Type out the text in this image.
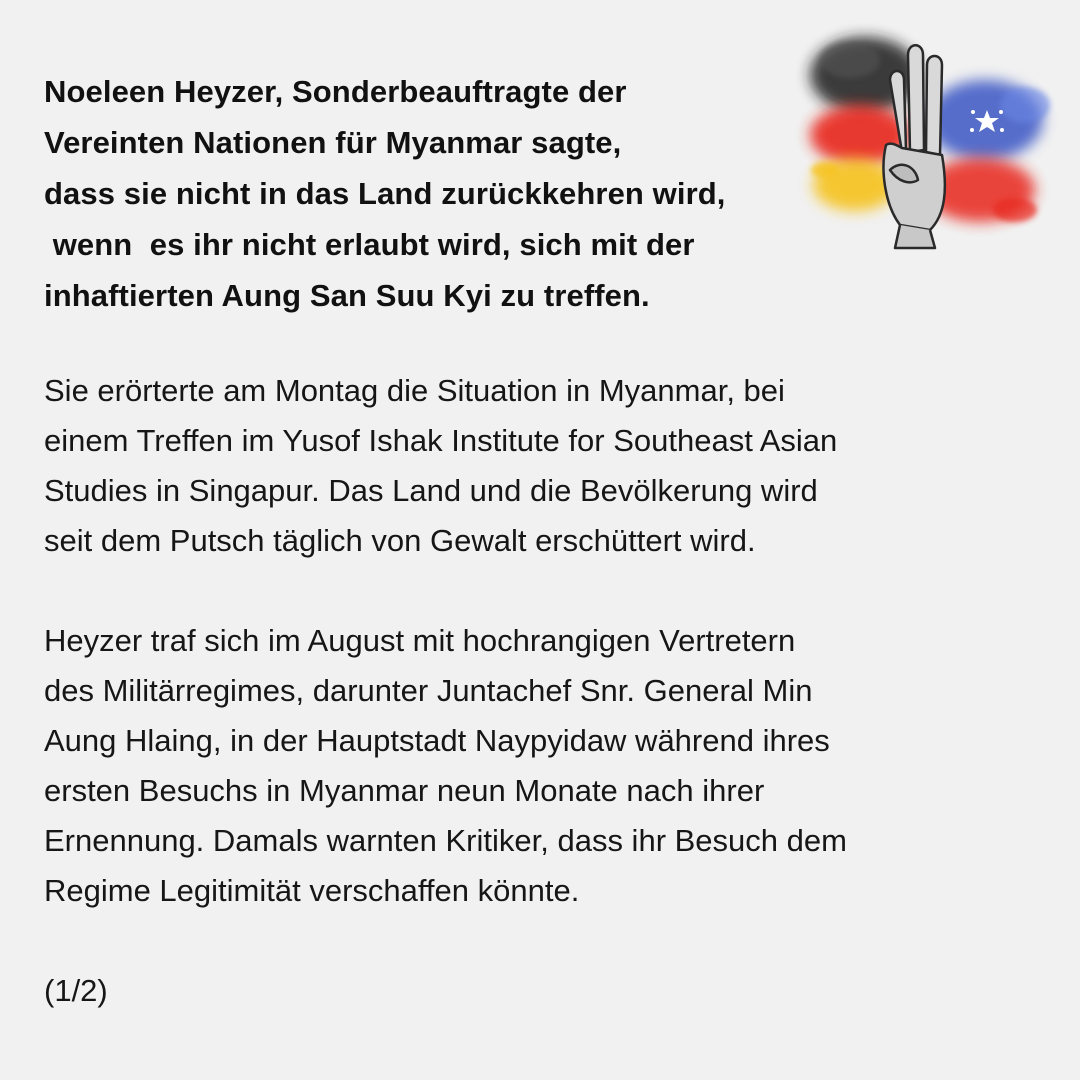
Noeleen Heyzer, Sonderbeauftragte der
Vereinten Nationen für Myanmar sagte,
dass sie nicht in das Land zurückkehren wird,
wenn  es ihr nicht erlaubt wird, sich mit der
inhaftierten Aung San Suu Kyi zu treffen.

Sie erörterte am Montag die Situation in Myanmar, bei
einem Treffen im Yusof Ishak Institute for Southeast Asian
Studies in Singapur. Das Land und die Bevölkerung wird
seit dem Putsch täglich von Gewalt erschüttert wird.

Heyzer traf sich im August mit hochrangigen Vertretern
des Militärregimes, darunter Juntachef Snr. General Min
Aung Hlaing, in der Hauptstadt Naypyidaw während ihres
ersten Besuchs in Myanmar neun Monate nach ihrer
Ernennung. Damals warnten Kritiker, dass ihr Besuch dem
Regime Legitimität verschaffen könnte.

(1/2)
